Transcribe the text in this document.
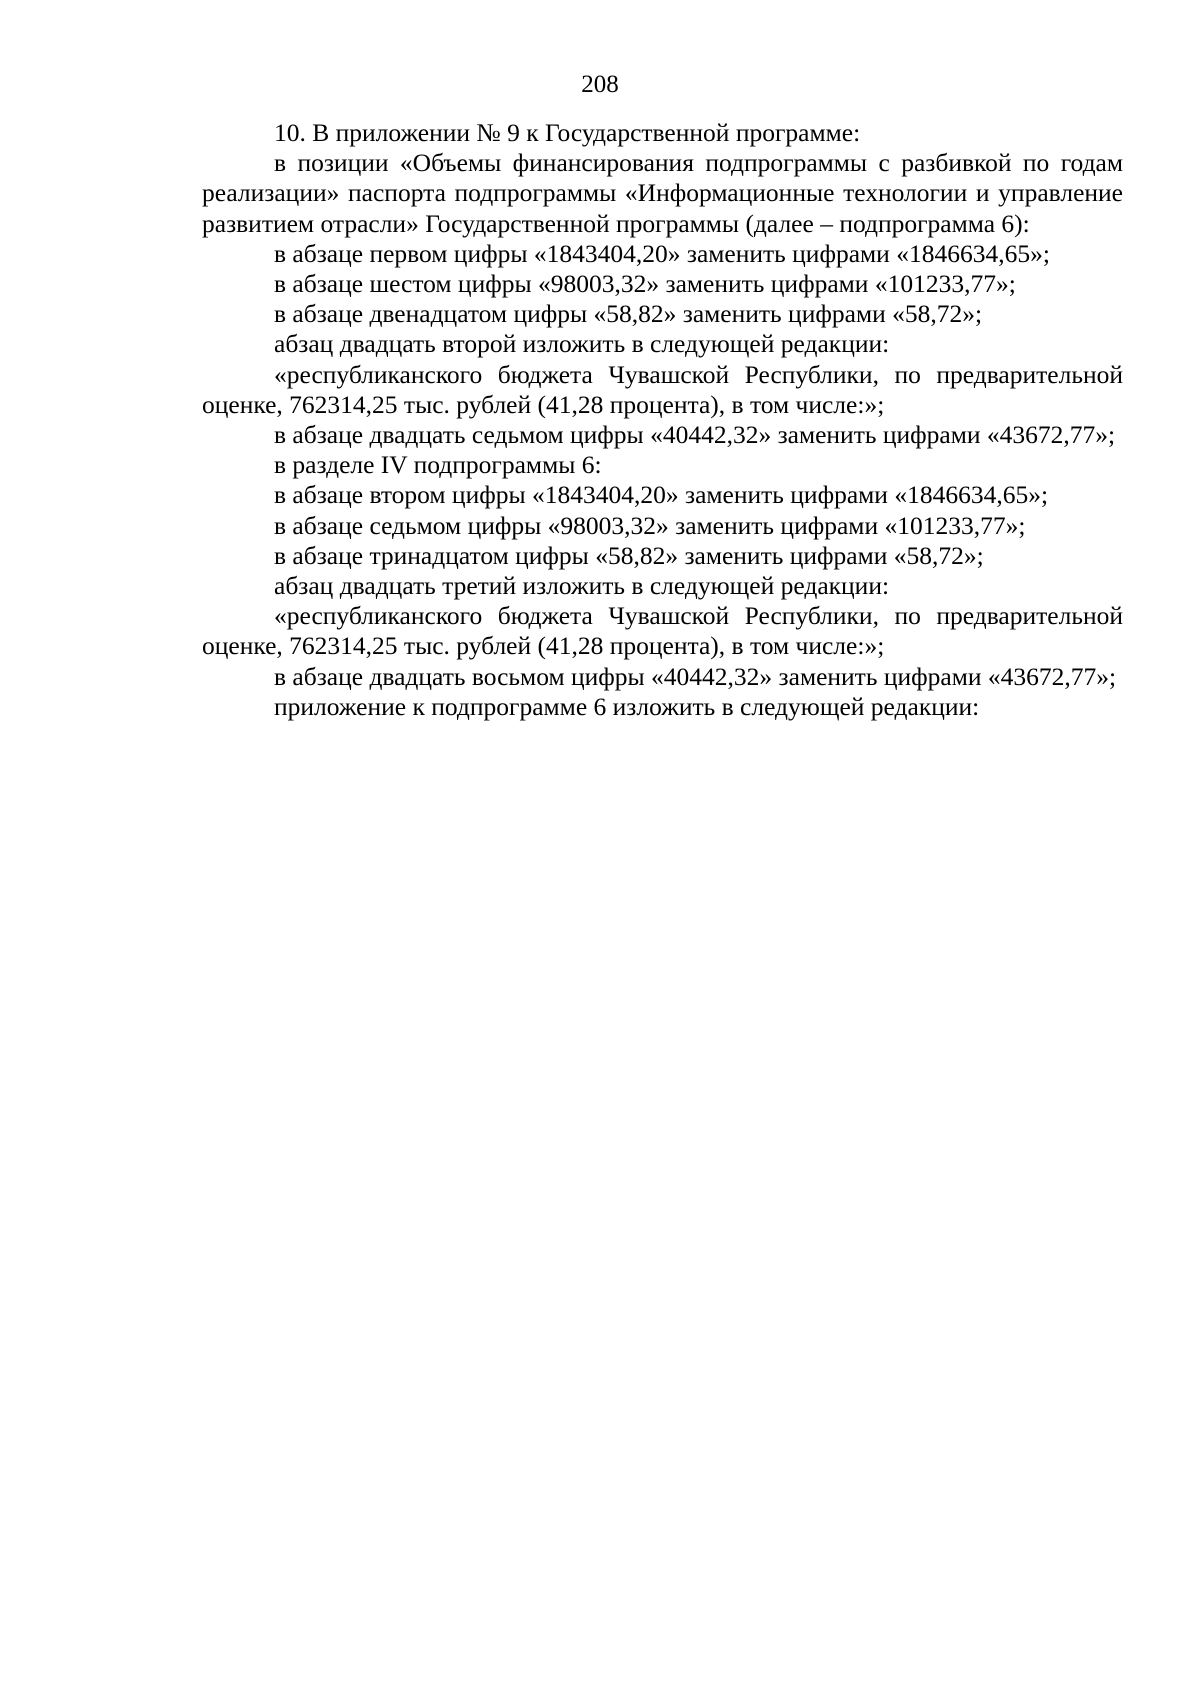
208

10. В приложении № 9 к Государственной программе:

в позиции «Объемы финансирования подпрограммы с разбивкой по годам реализации» паспорта подпрограммы «Информационные технологии и управление развитием отрасли» Государственной программы (далее – подпрограмма 6):

в абзаце первом цифры «1843404,20» заменить цифрами «1846634,65»;

в абзаце шестом цифры «98003,32» заменить цифрами «101233,77»;

в абзаце двенадцатом цифры «58,82» заменить цифрами «58,72»;

абзац двадцать второй изложить в следующей редакции:

«республиканского бюджета Чувашской Республики, по предварительной оценке, 762314,25 тыс. рублей (41,28 процента), в том числе:»;

в абзаце двадцать седьмом цифры «40442,32» заменить цифрами «43672,77»;

в разделе IV подпрограммы 6:

в абзаце втором цифры «1843404,20» заменить цифрами «1846634,65»;

в абзаце седьмом цифры «98003,32» заменить цифрами «101233,77»;

в абзаце тринадцатом цифры «58,82» заменить цифрами «58,72»;

абзац двадцать третий изложить в следующей редакции:

«республиканского бюджета Чувашской Республики, по предварительной оценке, 762314,25 тыс. рублей (41,28 процента), в том числе:»;

в абзаце двадцать восьмом цифры «40442,32» заменить цифрами «43672,77»;

приложение к подпрограмме 6 изложить в следующей редакции:
